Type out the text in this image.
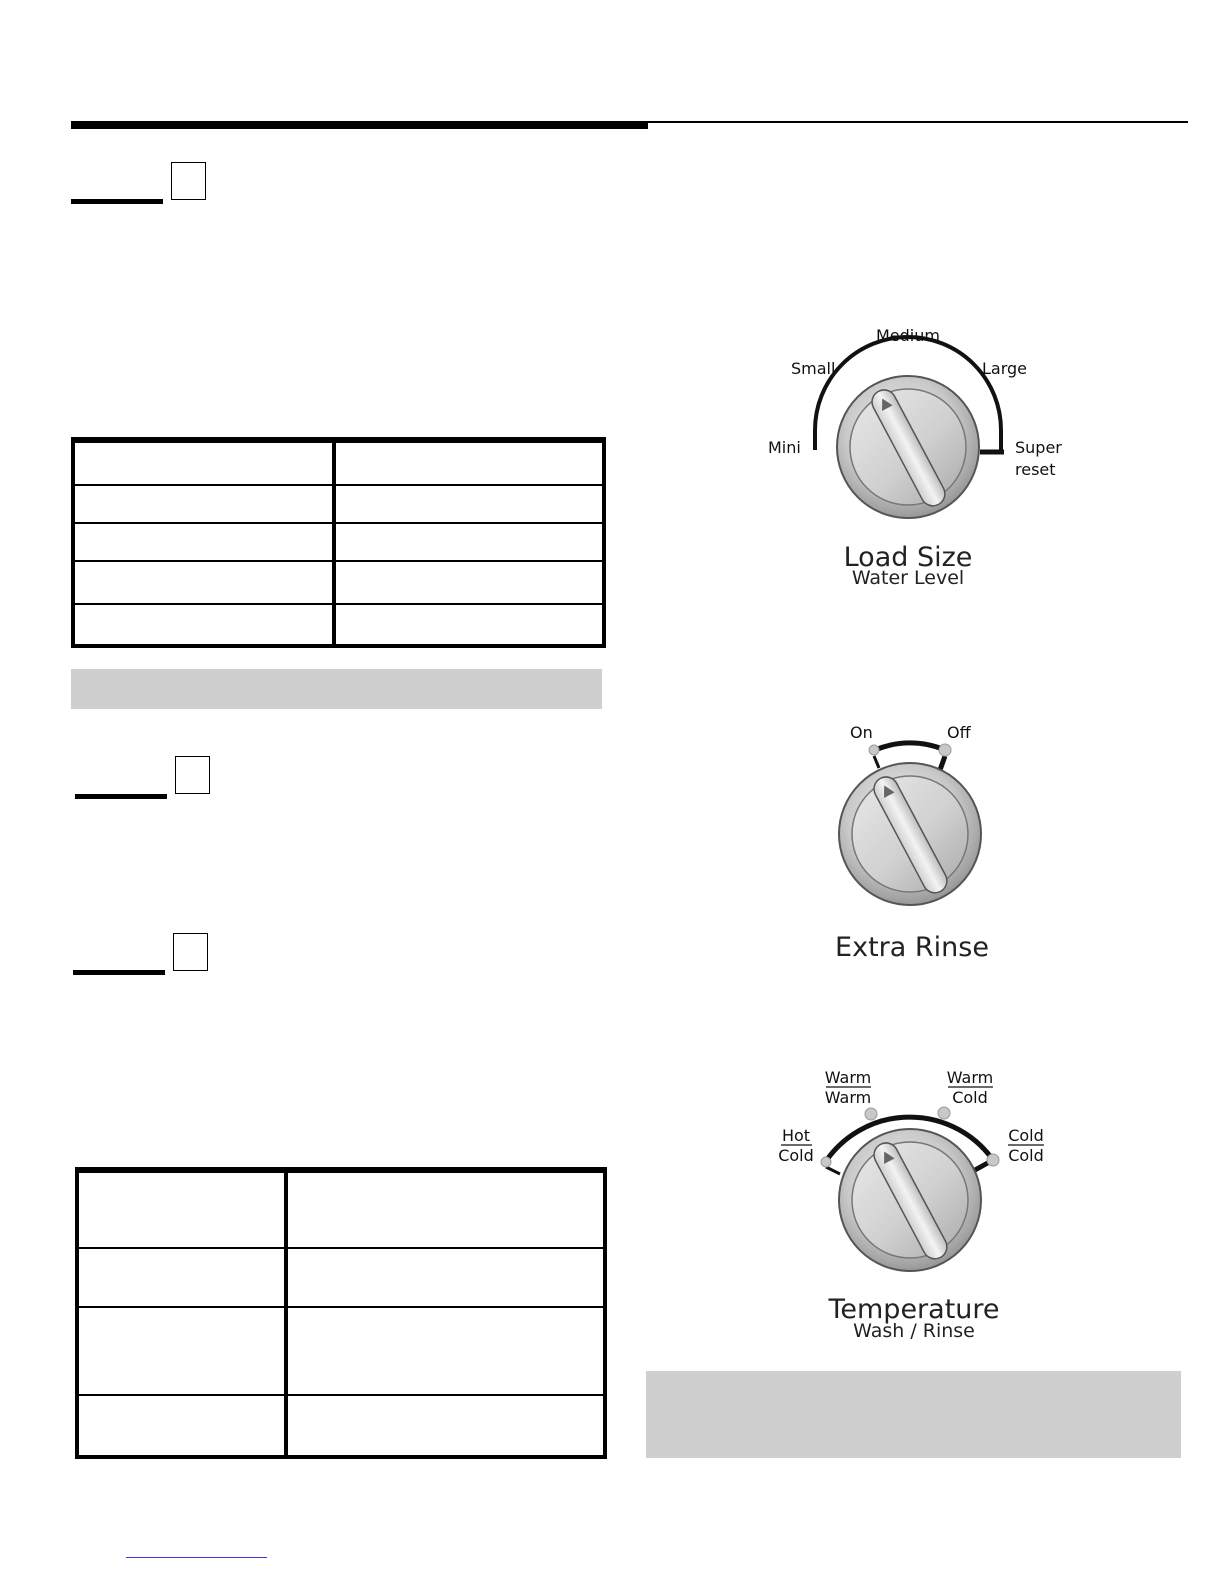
Mini
Small
Medium
Large
Super
reset
Load Size
Water Level
On	Off
Extra Rinse
Hot
Cold
Warm
Warm
Warm
Cold
Cold
Cold
Temperature
Wash / Rinse
